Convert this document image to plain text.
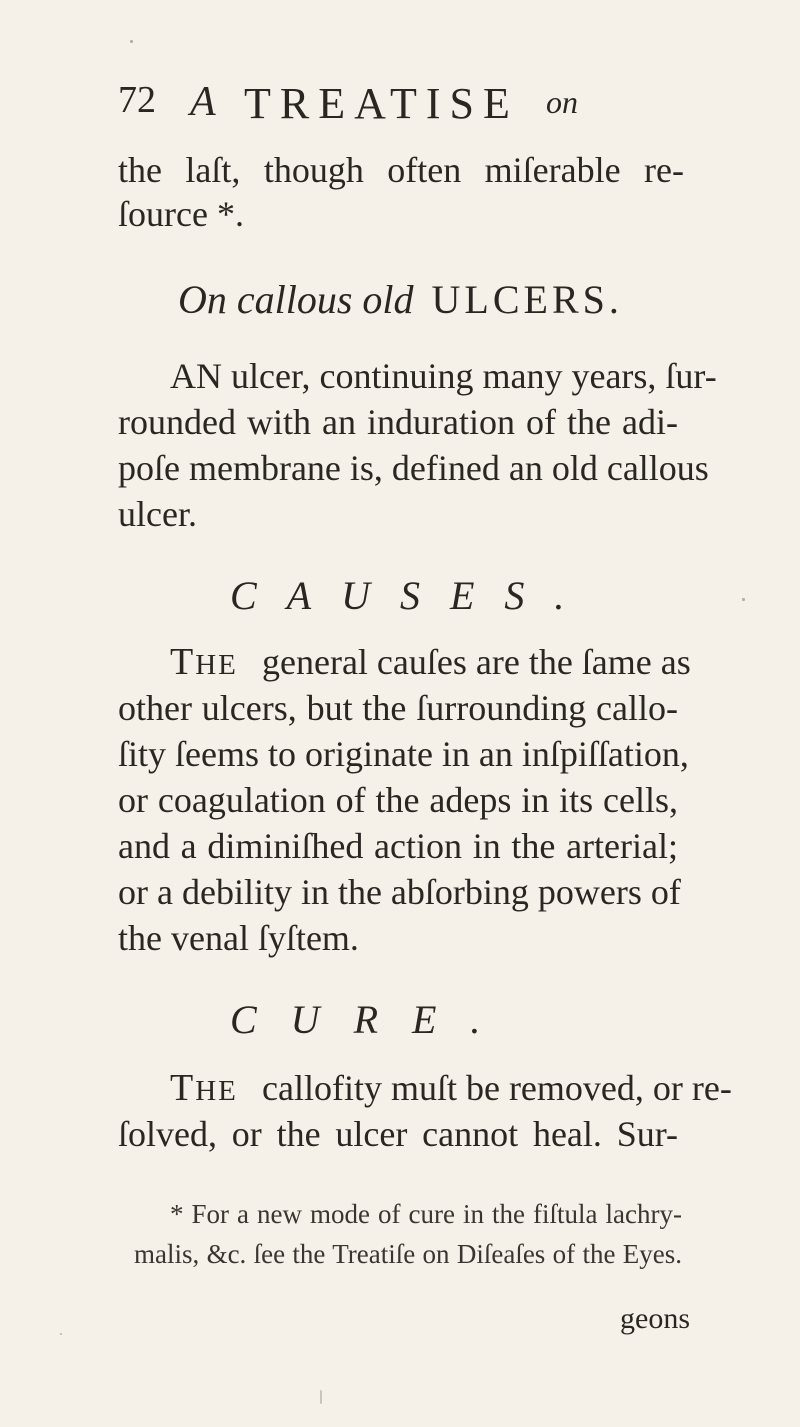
72 A TREATISE on
the laſt, though often miſerable re-
ſource *.
On callous old ULCERS.
AN ulcer, continuing many years, ſur-
rounded with an induration of the adi-
poſe membrane is, defined an old callous
ulcer.
CAUSES.
THE general cauſes are the ſame as
other ulcers, but the ſurrounding callo-
ſity ſeems to originate in an inſpiſſation,
or coagulation of the adeps in its cells,
and a diminiſhed action in the arterial;
or a debility in the abſorbing powers of
the venal ſyſtem.
CURE.
THE callofity muſt be removed, or re-
ſolved, or the ulcer cannot heal. Sur-
* For a new mode of cure in the fiſtula lachry-
malis, &c. ſee the Treatiſe on Diſeaſes of the Eyes.
geons
